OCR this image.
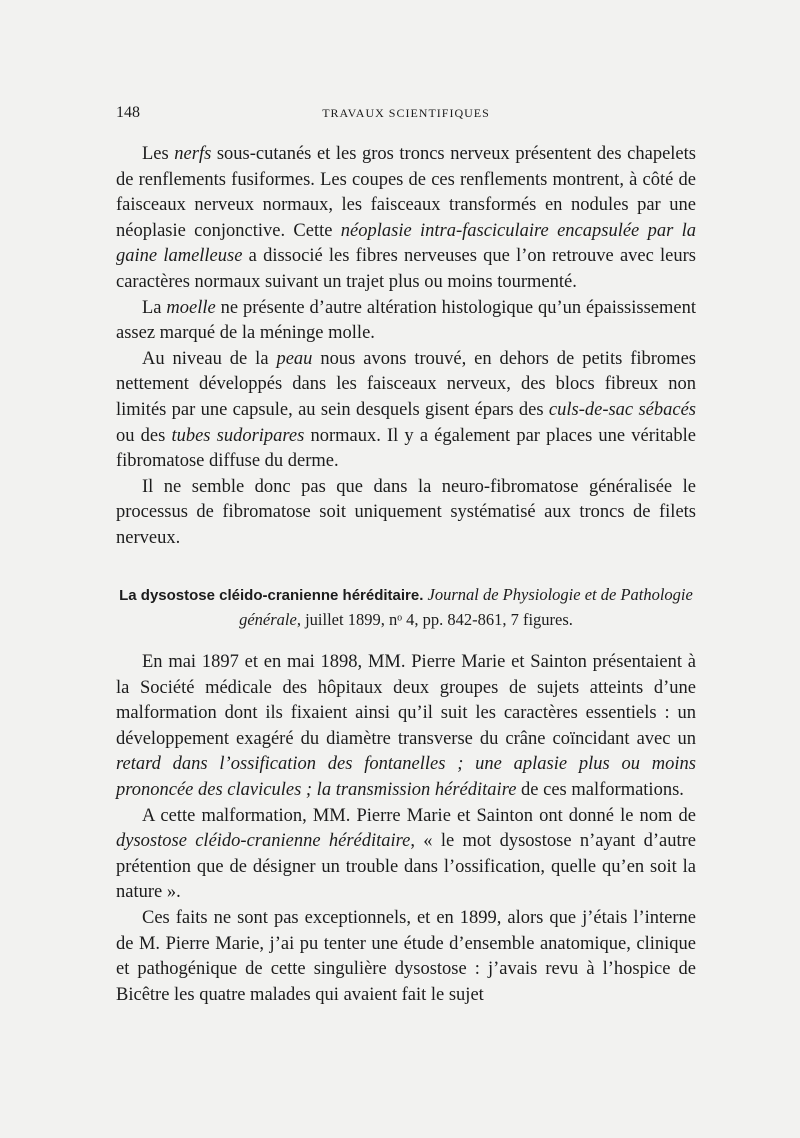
148	TRAVAUX SCIENTIFIQUES

Les nerfs sous-cutanés et les gros troncs nerveux présentent des chapelets de renflements fusiformes. Les coupes de ces renflements montrent, à côté de faisceaux nerveux normaux, les faisceaux transformés en nodules par une néoplasie conjonctive. Cette néoplasie intra-fasciculaire encapsulée par la gaine lamelleuse a dissocié les fibres nerveuses que l’on retrouve avec leurs caractères normaux suivant un trajet plus ou moins tourmenté.

La moelle ne présente d’autre altération histologique qu’un épaississement assez marqué de la méninge molle.

Au niveau de la peau nous avons trouvé, en dehors de petits fibromes nettement développés dans les faisceaux nerveux, des blocs fibreux non limités par une capsule, au sein desquels gisent épars des culs-de-sac sébacés ou des tubes sudoripares normaux. Il y a également par places une véritable fibromatose diffuse du derme.

Il ne semble donc pas que dans la neuro-fibromatose généralisée le processus de fibromatose soit uniquement systématisé aux troncs de filets nerveux.

La dysostose cléido-cranienne héréditaire. Journal de Physiologie et de Pathologie générale, juillet 1899, nᵒ 4, pp. 842-861, 7 figures.

En mai 1897 et en mai 1898, MM. Pierre Marie et Sainton présentaient à la Société médicale des hôpitaux deux groupes de sujets atteints d’une malformation dont ils fixaient ainsi qu’il suit les caractères essentiels : un développement exagéré du diamètre transverse du crâne coïncidant avec un retard dans l’ossification des fontanelles ; une aplasie plus ou moins prononcée des clavicules ; la transmission héréditaire de ces malformations.

A cette malformation, MM. Pierre Marie et Sainton ont donné le nom de dysostose cléido-cranienne héréditaire, « le mot dysostose n’ayant d’autre prétention que de désigner un trouble dans l’ossification, quelle qu’en soit la nature ».

Ces faits ne sont pas exceptionnels, et en 1899, alors que j’étais l’interne de M. Pierre Marie, j’ai pu tenter une étude d’ensemble anatomique, clinique et pathogénique de cette singulière dysostose : j’avais revu à l’hospice de Bicêtre les quatre malades qui avaient fait le sujet
